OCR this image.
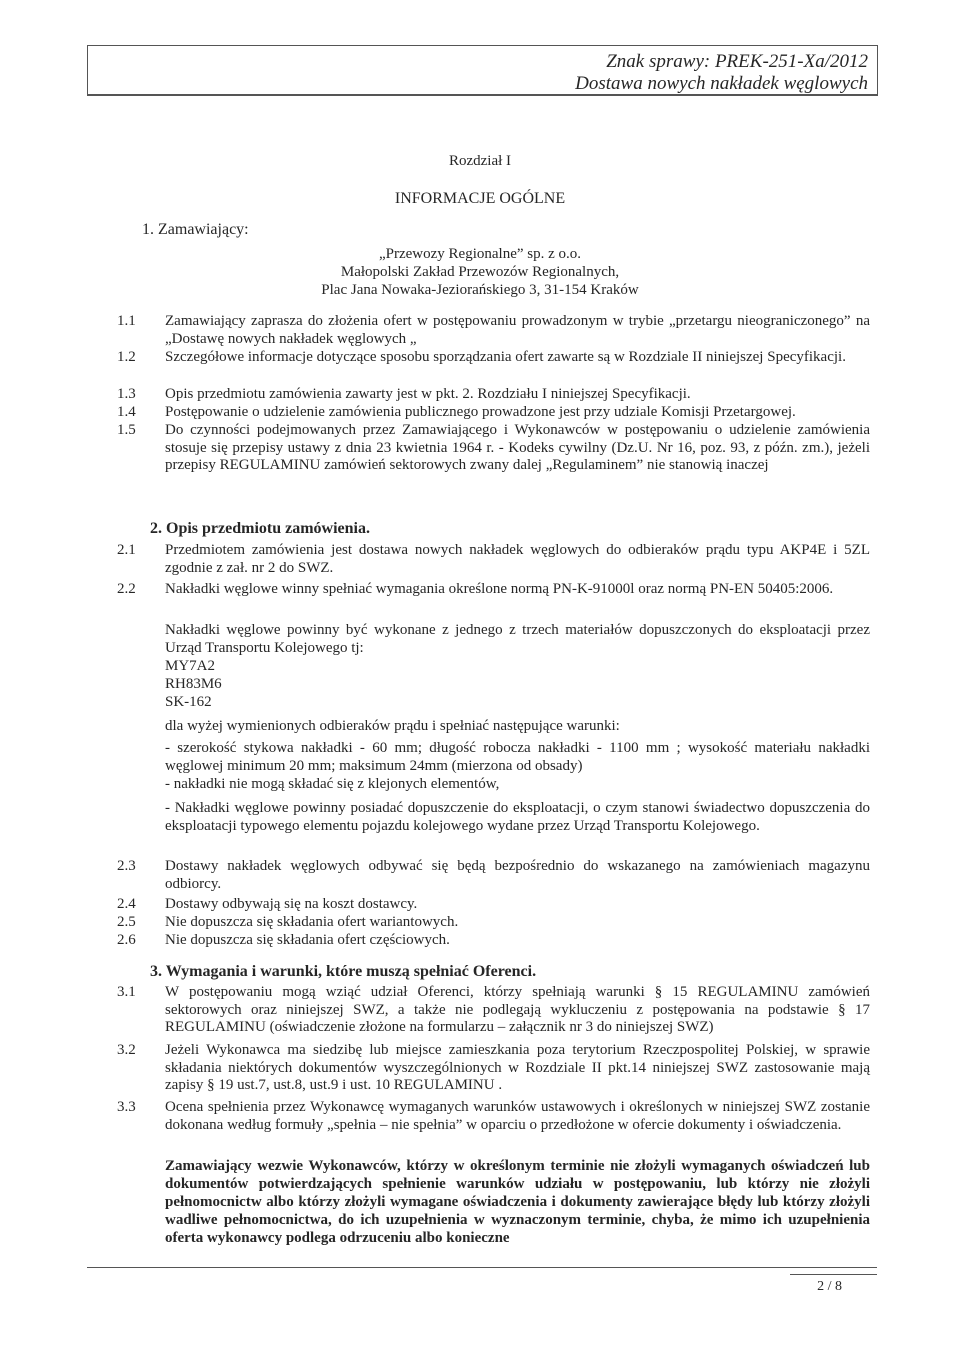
Znak sprawy: PREK-251-Xa/2012
Dostawa nowych nakładek węglowych
Rozdział I
INFORMACJE OGÓLNE
1. Zamawiający:
„Przewozy Regionalne” sp. z o.o.
Małopolski Zakład Przewozów Regionalnych,
Plac Jana Nowaka-Jeziorańskiego 3, 31-154 Kraków
1.1 Zamawiający zaprasza do złożenia ofert w postępowaniu prowadzonym w trybie „przetargu nieograniczonego” na „Dostawę nowych nakładek węglowych „
1.2 Szczegółowe informacje dotyczące sposobu sporządzania ofert zawarte są w Rozdziale II niniejszej Specyfikacji.
1.3 Opis przedmiotu zamówienia zawarty jest w pkt. 2. Rozdziału I niniejszej Specyfikacji.
1.4 Postępowanie o udzielenie zamówienia publicznego prowadzone jest przy udziale Komisji Przetargowej.
1.5 Do czynności podejmowanych przez Zamawiającego i Wykonawców w postępowaniu o udzielenie zamówienia stosuje się przepisy ustawy z dnia 23 kwietnia 1964 r. - Kodeks cywilny (Dz.U. Nr 16, poz. 93, z późn. zm.), jeżeli przepisy REGULAMINU zamówień sektorowych zwany dalej „Regulaminem” nie stanowią inaczej
2. Opis przedmiotu zamówienia.
2.1 Przedmiotem zamówienia jest dostawa nowych nakładek węglowych do odbieraków prądu typu AKP4E i 5ZL zgodnie z zał. nr 2 do SWZ.
2.2 Nakładki węglowe winny spełniać wymagania określone normą PN-K-91000l oraz normą PN-EN 50405:2006.
Nakładki węglowe powinny być wykonane z jednego z trzech materiałów dopuszczonych do eksploatacji przez Urząd Transportu Kolejowego tj:
MY7A2
RH83M6
SK-162
dla wyżej wymienionych odbieraków prądu i spełniać następujące warunki:
- szerokość stykowa nakładki - 60 mm; długość robocza nakładki - 1100 mm ; wysokość materiału nakładki węglowej minimum 20 mm; maksimum 24mm (mierzona od obsady)
- nakładki nie mogą składać się z klejonych elementów,
- Nakładki węglowe powinny posiadać dopuszczenie do eksploatacji, o czym stanowi świadectwo dopuszczenia do eksploatacji typowego elementu pojazdu kolejowego wydane przez Urząd Transportu Kolejowego.
2.3 Dostawy nakładek węglowych odbywać się będą bezpośrednio do wskazanego na zamówieniach magazynu odbiorcy.
2.4 Dostawy odbywają się na koszt dostawcy.
2.5 Nie dopuszcza się składania ofert wariantowych.
2.6 Nie dopuszcza się składania ofert częściowych.
3. Wymagania i warunki, które muszą spełniać Oferenci.
3.1 W postępowaniu mogą wziąć udział Oferenci, którzy spełniają warunki § 15 REGULAMINU zamówień sektorowych oraz niniejszej SWZ, a także nie podlegają wykluczeniu z postępowania na podstawie § 17 REGULAMINU (oświadczenie złożone na formularzu – załącznik nr 3 do niniejszej SWZ)
3.2 Jeżeli Wykonawca ma siedzibę lub miejsce zamieszkania poza terytorium Rzeczpospolitej Polskiej, w sprawie składania niektórych dokumentów wyszczególnionych w Rozdziale II pkt.14 niniejszej SWZ zastosowanie mają zapisy § 19 ust.7, ust.8, ust.9 i ust. 10 REGULAMINU .
3.3 Ocena spełnienia przez Wykonawcę wymaganych warunków ustawowych i określonych w niniejszej SWZ zostanie dokonana według formuły „spełnia – nie spełnia” w oparciu o przedłożone w ofercie dokumenty i oświadczenia.
Zamawiający wezwie Wykonawców, którzy w określonym terminie nie złożyli wymaganych oświadczeń lub dokumentów potwierdzających spełnienie warunków udziału w postępowaniu, lub którzy nie złożyli pełnomocnictw albo którzy złożyli wymagane oświadczenia i dokumenty zawierające błędy lub którzy złożyli wadliwe pełnomocnictwa, do ich uzupełnienia w wyznaczonym terminie, chyba, że mimo ich uzupełnienia oferta wykonawcy podlega odrzuceniu albo konieczne
2 / 8
